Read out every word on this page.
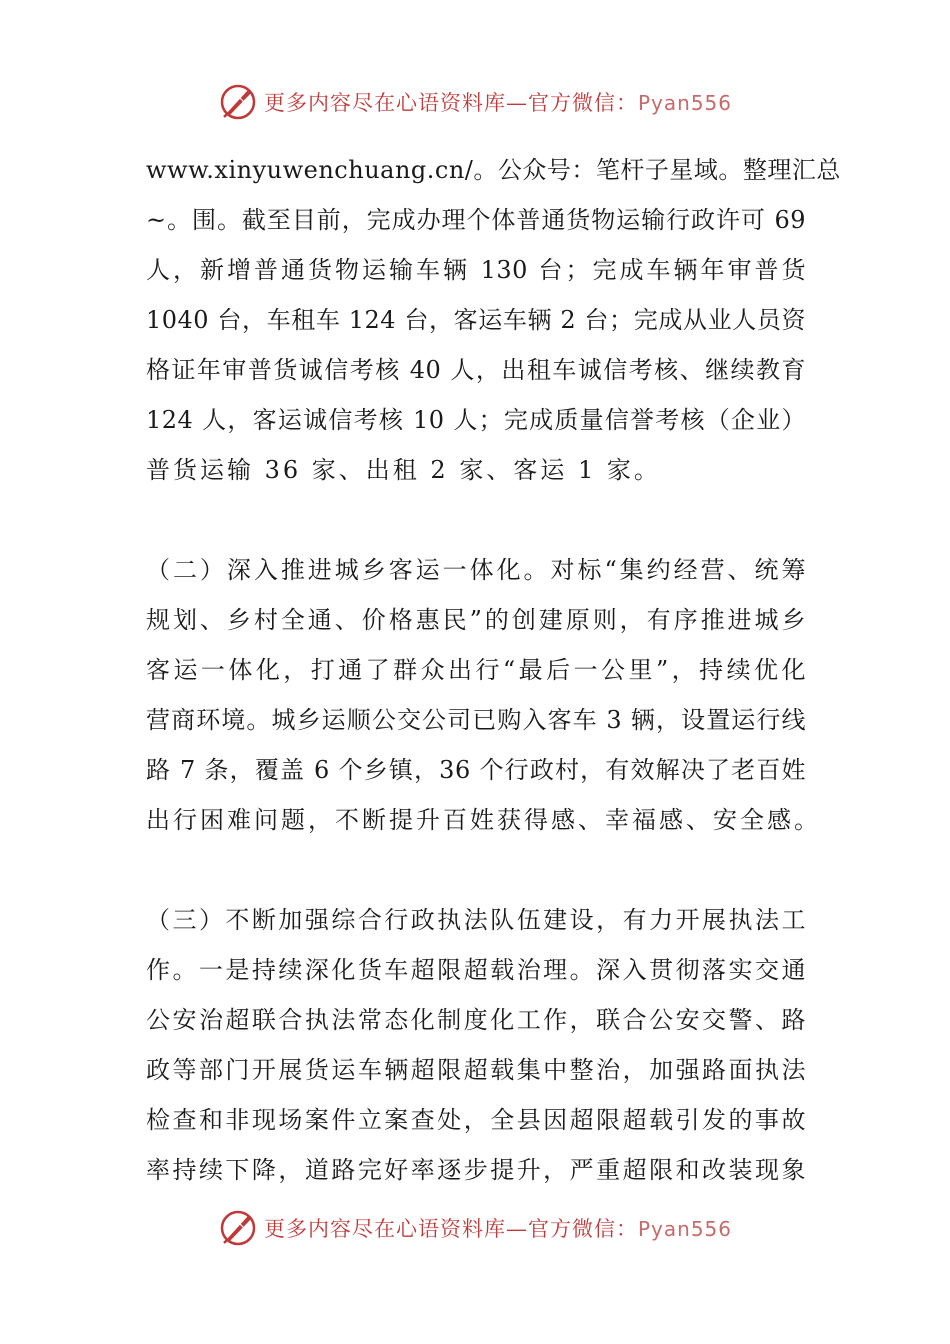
更多内容尽在心语资料库—官方微信：Pyan556
www.xinyuwenchuang.cn/。公众号：笔杆子星域。整理汇总
~。围。截至目前，完成办理个体普通货物运输行政许可 69
人，新增普通货物运输车辆 130 台；完成车辆年审普货
1040 台，车租车 124 台，客运车辆 2 台；完成从业人员资
格证年审普货诚信考核 40 人，出租车诚信考核、继续教育
124 人，客运诚信考核 10 人；完成质量信誉考核（企业）
普货运输 36 家、出租 2 家、客运 1 家。
（二）深入推进城乡客运一体化。对标“集约经营、统筹
规划、乡村全通、价格惠民”的创建原则，有序推进城乡
客运一体化，打通了群众出行“最后一公里”，持续优化
营商环境。城乡运顺公交公司已购入客车 3 辆，设置运行线
路 7 条，覆盖 6 个乡镇，36 个行政村，有效解决了老百姓
出行困难问题，不断提升百姓获得感、幸福感、安全感。
（三）不断加强综合行政执法队伍建设，有力开展执法工
作。一是持续深化货车超限超载治理。深入贯彻落实交通
公安治超联合执法常态化制度化工作，联合公安交警、路
政等部门开展货运车辆超限超载集中整治，加强路面执法
检查和非现场案件立案查处，全县因超限超载引发的事故
率持续下降，道路完好率逐步提升，严重超限和改装现象
更多内容尽在心语资料库—官方微信：Pyan556
